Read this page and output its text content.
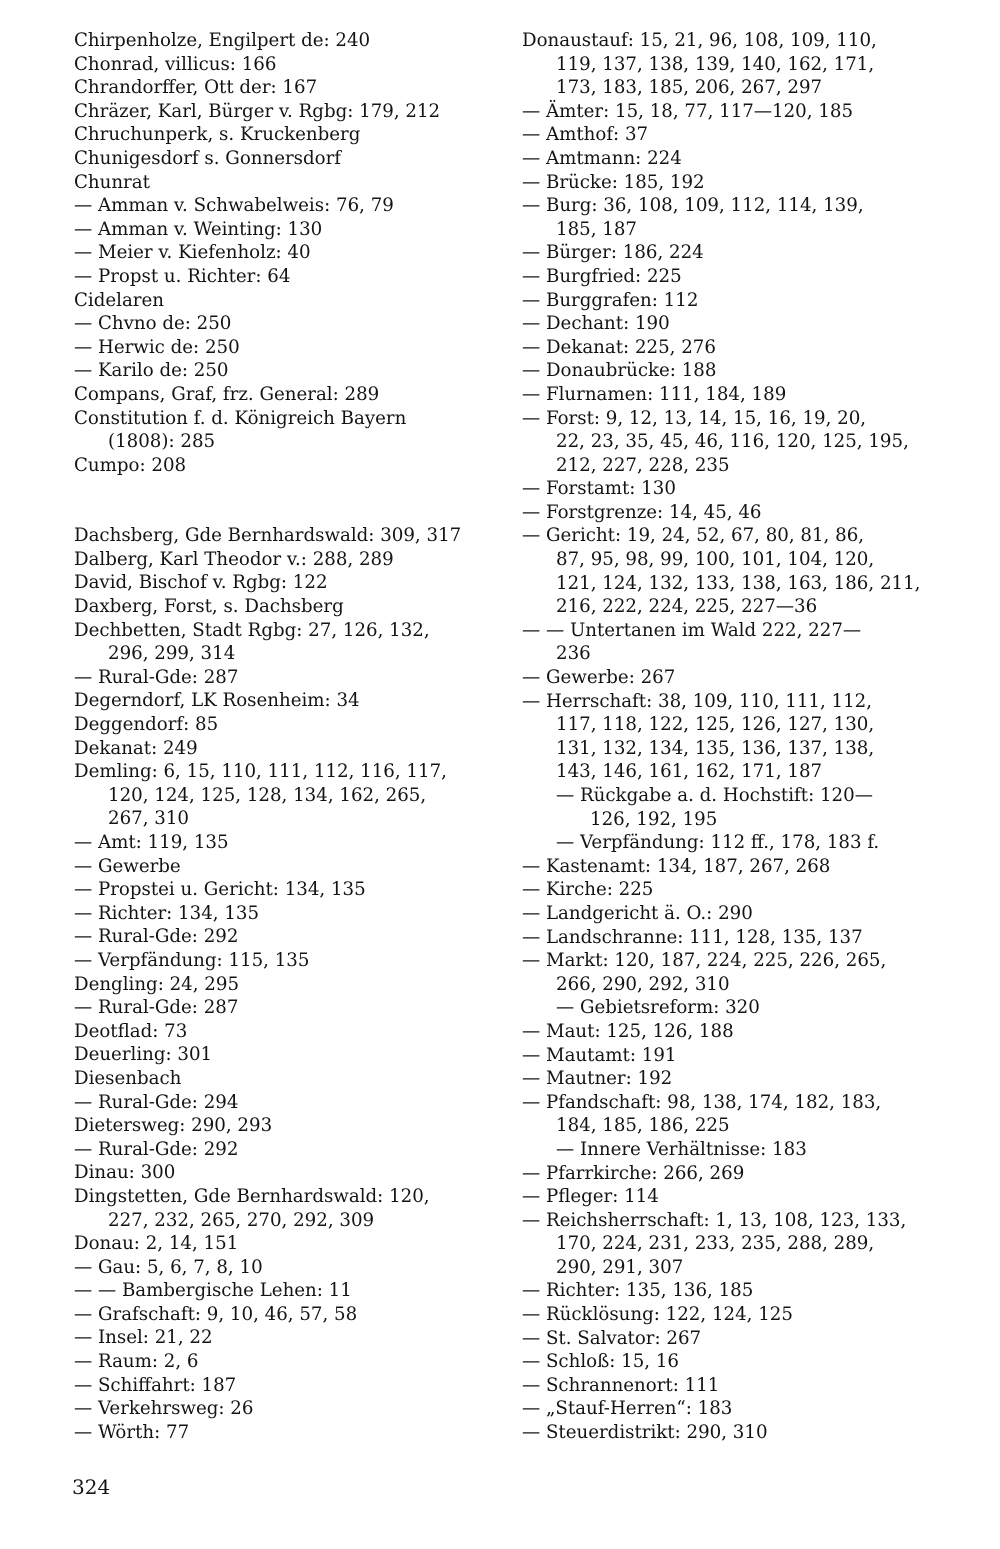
Chirpenholze, Engilpert de: 240
Chonrad, villicus: 166
Chrandorffer, Ott der: 167
Chräzer, Karl, Bürger v. Rgbg: 179, 212
Chruchunperk, s. Kruckenberg
Chunigesdorf s. Gonnersdorf
Chunrat
— Amman v. Schwabelweis: 76, 79
— Amman v. Weinting: 130
— Meier v. Kiefenholz: 40
— Propst u. Richter: 64
Cidelaren
— Chvno de: 250
— Herwic de: 250
— Karilo de: 250
Compans, Graf, frz. General: 289
Constitution f. d. Königreich Bayern
(1808): 285
Cumpo: 208
Dachsberg, Gde Bernhardswald: 309, 317
Dalberg, Karl Theodor v.: 288, 289
David, Bischof v. Rgbg: 122
Daxberg, Forst, s. Dachsberg
Dechbetten, Stadt Rgbg: 27, 126, 132,
296, 299, 314
— Rural-Gde: 287
Degerndorf, LK Rosenheim: 34
Deggendorf: 85
Dekanat: 249
Demling: 6, 15, 110, 111, 112, 116, 117,
120, 124, 125, 128, 134, 162, 265,
267, 310
— Amt: 119, 135
— Gewerbe
— Propstei u. Gericht: 134, 135
— Richter: 134, 135
— Rural-Gde: 292
— Verpfändung: 115, 135
Dengling: 24, 295
— Rural-Gde: 287
Deotflad: 73
Deuerling: 301
Diesenbach
— Rural-Gde: 294
Dietersweg: 290, 293
— Rural-Gde: 292
Dinau: 300
Dingstetten, Gde Bernhardswald: 120,
227, 232, 265, 270, 292, 309
Donau: 2, 14, 151
— Gau: 5, 6, 7, 8, 10
— — Bambergische Lehen: 11
— Grafschaft: 9, 10, 46, 57, 58
— Insel: 21, 22
— Raum: 2, 6
— Schiffahrt: 187
— Verkehrsweg: 26
— Wörth: 77
Donaustauf: 15, 21, 96, 108, 109, 110,
119, 137, 138, 139, 140, 162, 171,
173, 183, 185, 206, 267, 297
— Ämter: 15, 18, 77, 117—120, 185
— Amthof: 37
— Amtmann: 224
— Brücke: 185, 192
— Burg: 36, 108, 109, 112, 114, 139,
185, 187
— Bürger: 186, 224
— Burgfried: 225
— Burggrafen: 112
— Dechant: 190
— Dekanat: 225, 276
— Donaubrücke: 188
— Flurnamen: 111, 184, 189
— Forst: 9, 12, 13, 14, 15, 16, 19, 20,
22, 23, 35, 45, 46, 116, 120, 125, 195,
212, 227, 228, 235
— Forstamt: 130
— Forstgrenze: 14, 45, 46
— Gericht: 19, 24, 52, 67, 80, 81, 86,
87, 95, 98, 99, 100, 101, 104, 120,
121, 124, 132, 133, 138, 163, 186, 211,
216, 222, 224, 225, 227—36
— — Untertanen im Wald 222, 227—
236
— Gewerbe: 267
— Herrschaft: 38, 109, 110, 111, 112,
117, 118, 122, 125, 126, 127, 130,
131, 132, 134, 135, 136, 137, 138,
143, 146, 161, 162, 171, 187
— Rückgabe a. d. Hochstift: 120—
126, 192, 195
— Verpfändung: 112 ff., 178, 183 f.
— Kastenamt: 134, 187, 267, 268
— Kirche: 225
— Landgericht ä. O.: 290
— Landschranne: 111, 128, 135, 137
— Markt: 120, 187, 224, 225, 226, 265,
266, 290, 292, 310
— Gebietsreform: 320
— Maut: 125, 126, 188
— Mautamt: 191
— Mautner: 192
— Pfandschaft: 98, 138, 174, 182, 183,
184, 185, 186, 225
— Innere Verhältnisse: 183
— Pfarrkirche: 266, 269
— Pfleger: 114
— Reichsherrschaft: 1, 13, 108, 123, 133,
170, 224, 231, 233, 235, 288, 289,
290, 291, 307
— Richter: 135, 136, 185
— Rücklösung: 122, 124, 125
— St. Salvator: 267
— Schloß: 15, 16
— Schrannenort: 111
— „Stauf-Herren“: 183
— Steuerdistrikt: 290, 310
324
